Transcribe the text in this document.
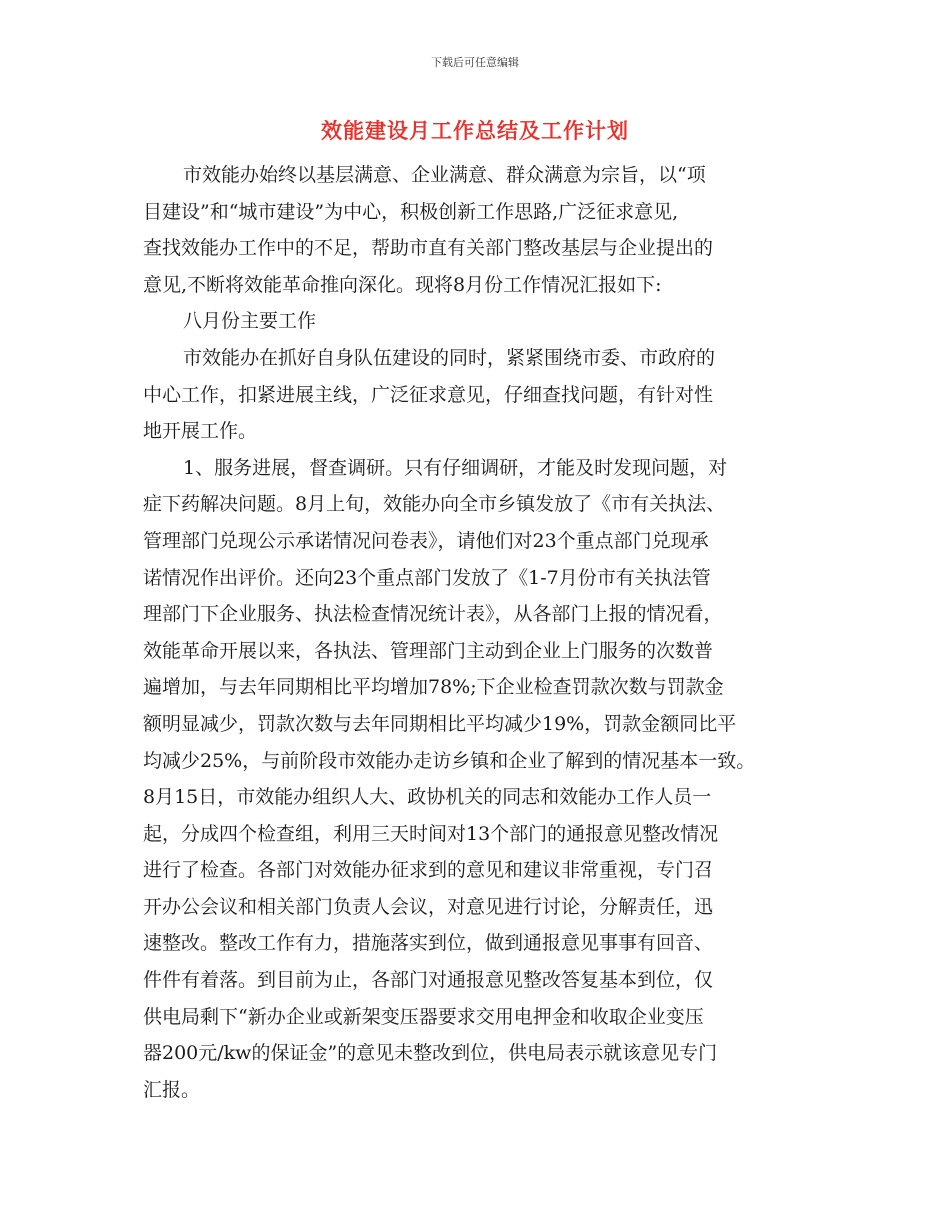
下载后可任意编辑
效能建设月工作总结及工作计划
市效能办始终以基层满意、企业满意、群众满意为宗旨，以“项
目建设”和“城市建设”为中心，积极创新工作思路,广泛征求意见,
查找效能办工作中的不足，帮助市直有关部门整改基层与企业提出的
意见,不断将效能革命推向深化。现将8月份工作情况汇报如下:
八月份主要工作
市效能办在抓好自身队伍建设的同时，紧紧围绕市委、市政府的
中心工作，扣紧进展主线，广泛征求意见，仔细查找问题，有针对性
地开展工作。
1、服务进展，督查调研。只有仔细调研，才能及时发现问题，对
症下药解决问题。8月上旬，效能办向全市乡镇发放了《市有关执法、
管理部门兑现公示承诺情况问卷表》，请他们对23个重点部门兑现承
诺情况作出评价。还向23个重点部门发放了《1-7月份市有关执法管
理部门下企业服务、执法检查情况统计表》，从各部门上报的情况看，
效能革命开展以来，各执法、管理部门主动到企业上门服务的次数普
遍增加，与去年同期相比平均增加78%;下企业检查罚款次数与罚款金
额明显减少，罚款次数与去年同期相比平均减少19%，罚款金额同比平
均减少25%，与前阶段市效能办走访乡镇和企业了解到的情况基本一致。
8月15日，市效能办组织人大、政协机关的同志和效能办工作人员一
起，分成四个检查组，利用三天时间对13个部门的通报意见整改情况
进行了检查。各部门对效能办征求到的意见和建议非常重视，专门召
开办公会议和相关部门负责人会议，对意见进行讨论，分解责任，迅
速整改。整改工作有力，措施落实到位，做到通报意见事事有回音、
件件有着落。到目前为止，各部门对通报意见整改答复基本到位，仅
供电局剩下“新办企业或新架变压器要求交用电押金和收取企业变压
器200元/kw的保证金”的意见未整改到位，供电局表示就该意见专门
汇报。
